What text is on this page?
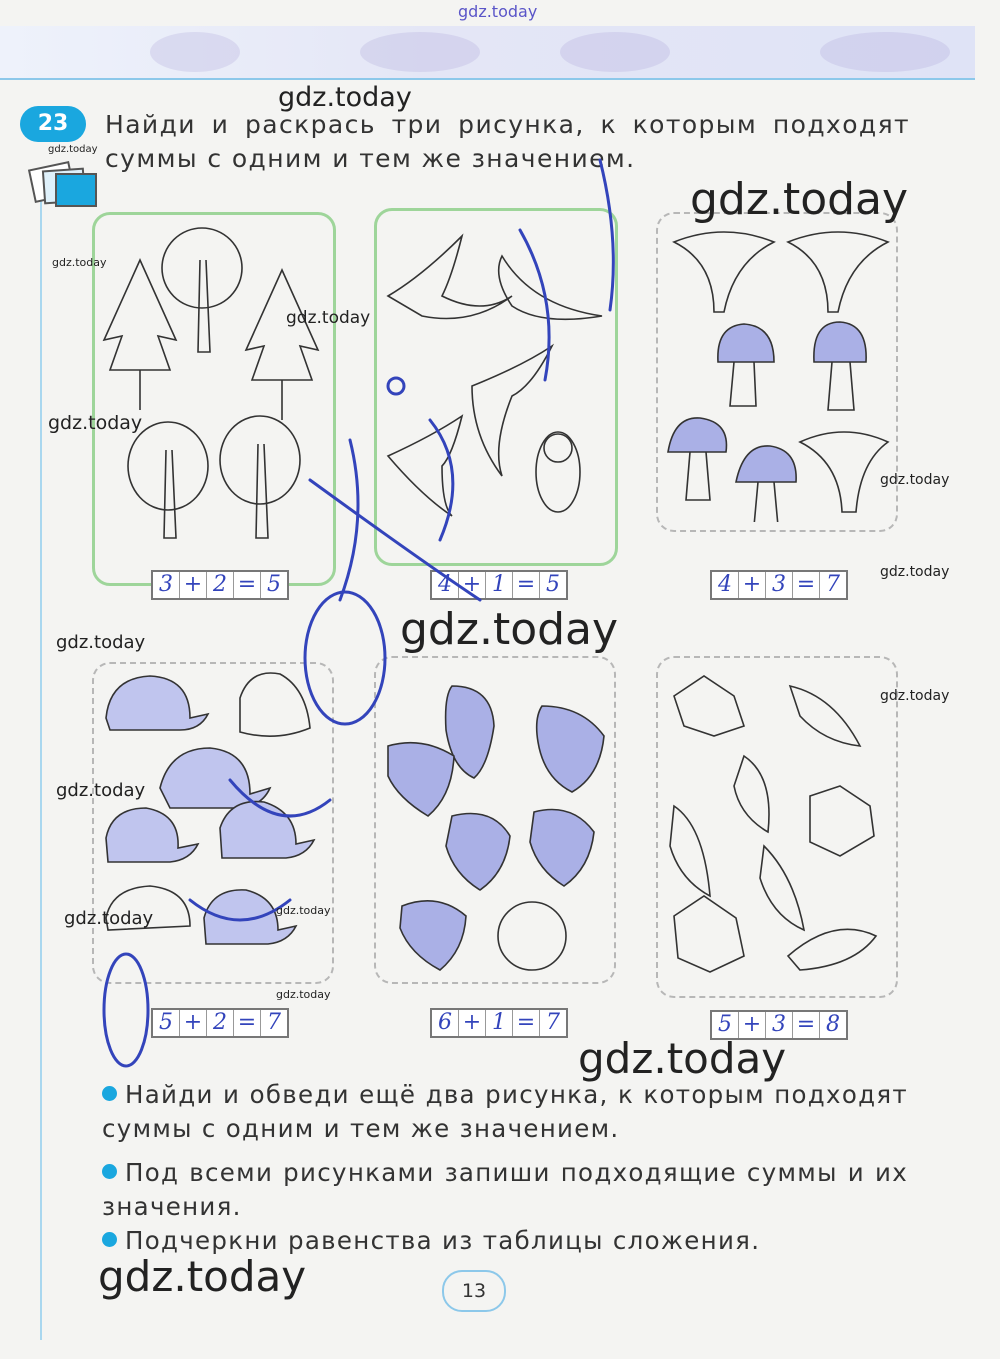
gdz.today
23	Найди и раскрась три рисунка, к которым подходят суммы с одним и тем же значением.
3 + 2 = 5	4 + 1 = 5	4 + 3 = 7
5 + 2 = 7	6 + 1 = 7	5 + 3 = 8
Найди и обведи ещё два рисунка, к которым подходят суммы с одним и тем же значением.
Под всеми рисунками запиши подходящие суммы и их значения.
Подчеркни равенства из таблицы сложения.
13
gdz.today
gdz.today
gdz.today
gdz.today
gdz.today
gdz.today
gdz.today
gdz.today
gdz.today
gdz.today
gdz.today
gdz.today
gdz.today
gdz.today
gdz.today
gdz.today
gdz.today
